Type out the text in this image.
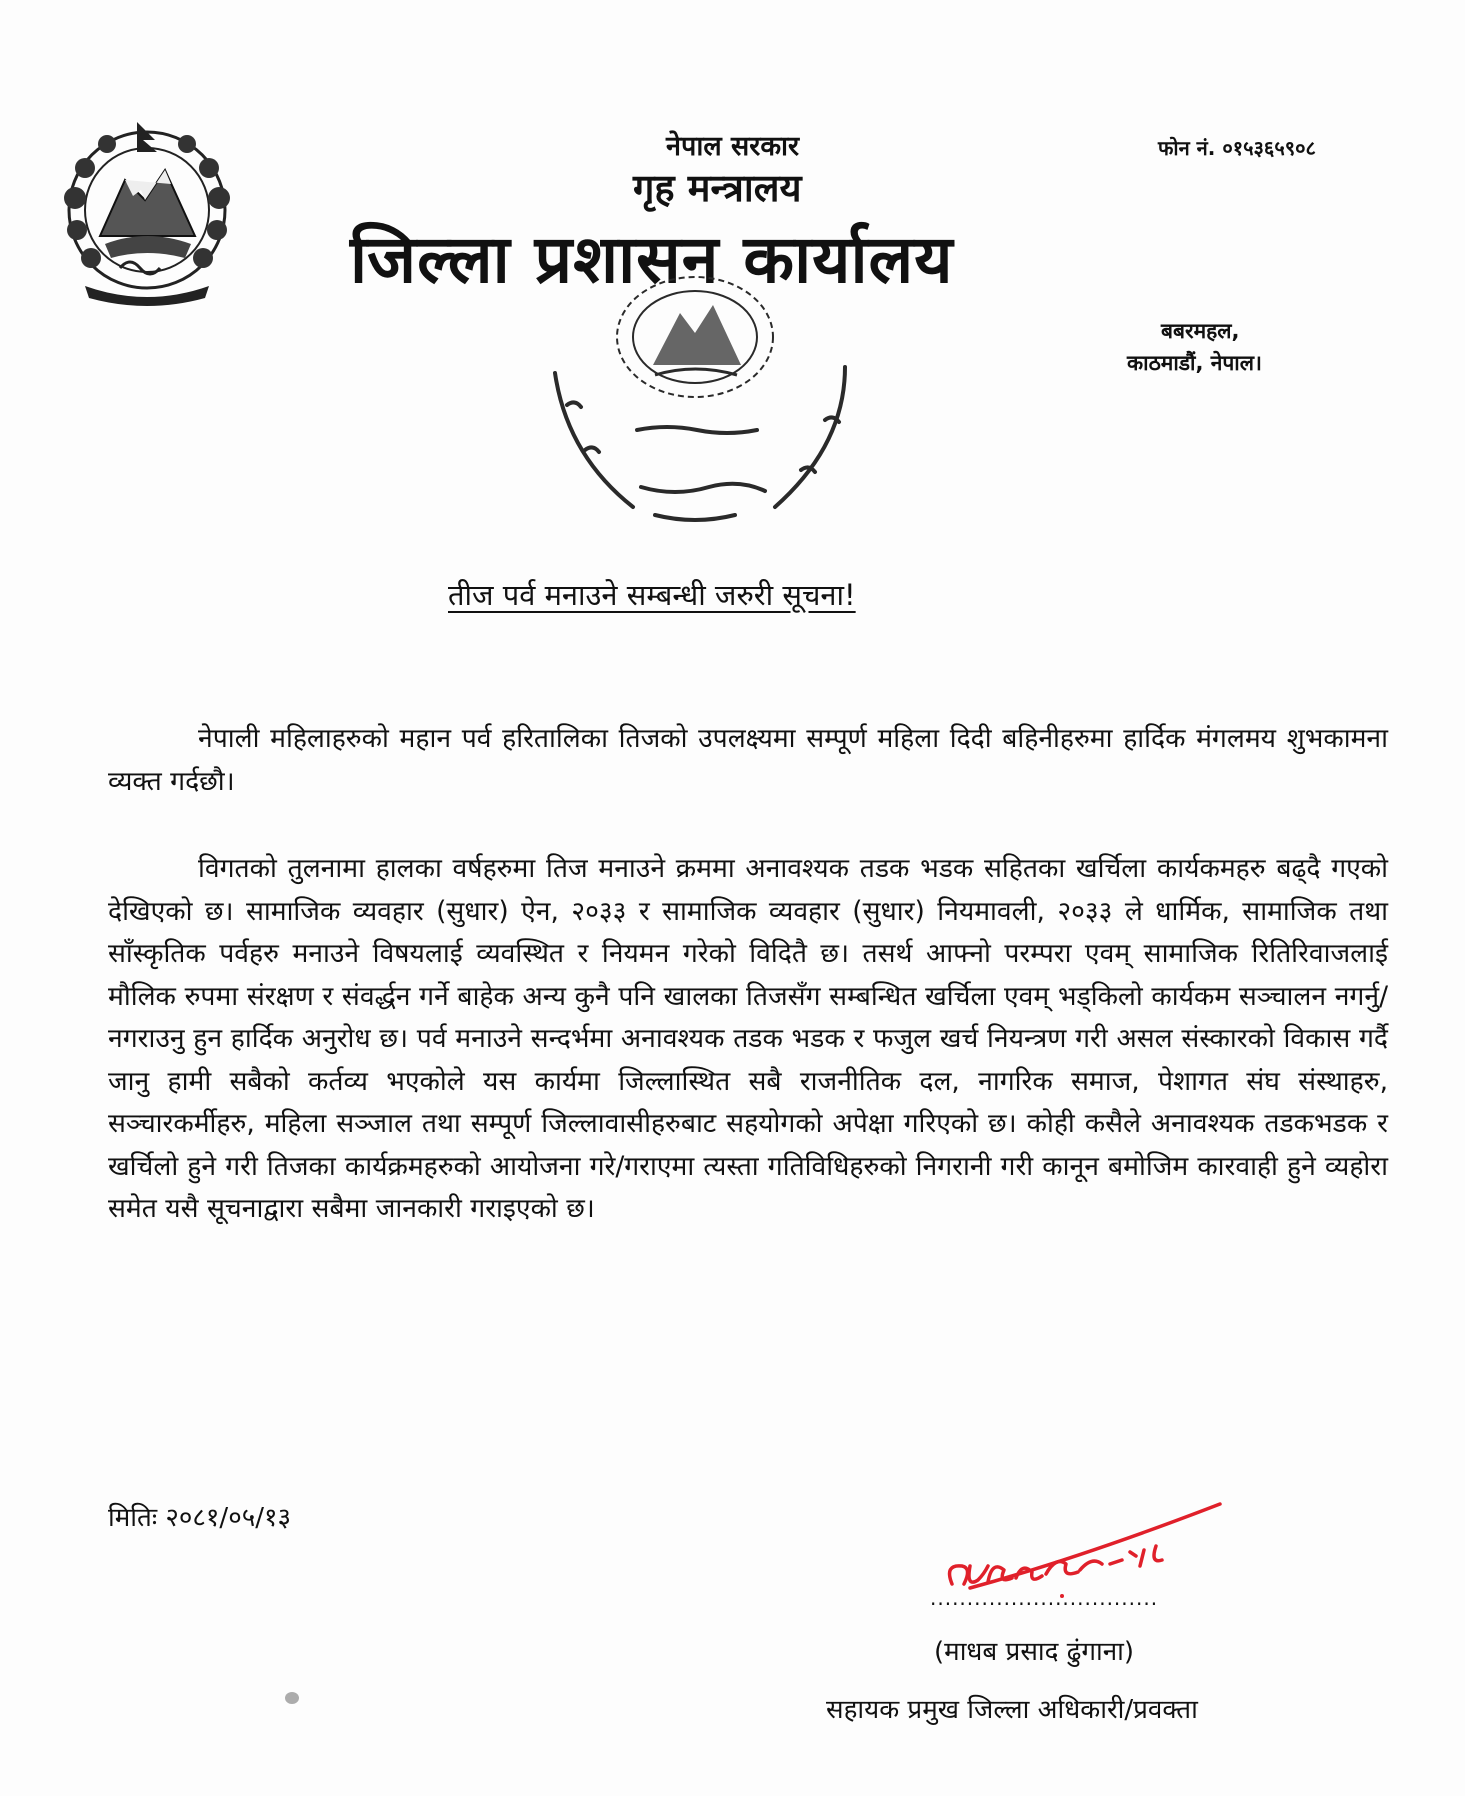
नेपाल सरकार
गृह मन्त्रालय
जिल्ला प्रशासन कार्यालय
फोन नं. ०१५३६५९०८
बबरमहल,
काठमाडौं, नेपाल।
तीज पर्व मनाउने सम्बन्धी जरुरी सूचना!
नेपाली महिलाहरुको महान पर्व हरितालिका तिजको उपलक्ष्यमा सम्पूर्ण महिला दिदी बहिनीहरुमा हार्दिक मंगलमय शुभकामना व्यक्त गर्दछौ।
विगतको तुलनामा हालका वर्षहरुमा तिज मनाउने क्रममा अनावश्यक तडक भडक सहितका खर्चिला कार्यकमहरु बढ्दै गएको देखिएको छ। सामाजिक व्यवहार (सुधार) ऐन, २०३३ र सामाजिक व्यवहार (सुधार) नियमावली, २०३३ ले धार्मिक, सामाजिक तथा साँस्कृतिक पर्वहरु मनाउने विषयलाई व्यवस्थित र नियमन गरेको विदितै छ। तसर्थ आफ्नो परम्परा एवम् सामाजिक रितिरिवाजलाई मौलिक रुपमा संरक्षण र संवर्द्धन गर्ने बाहेक अन्य कुनै पनि खालका तिजसँग सम्बन्धित खर्चिला एवम् भड्किलो कार्यकम सञ्चालन नगर्नु/नगराउनु हुन हार्दिक अनुरोध छ। पर्व मनाउने सन्दर्भमा अनावश्यक तडक भडक र फजुल खर्च नियन्त्रण गरी असल संस्कारको विकास गर्दै जानु हामी सबैको कर्तव्य भएकोले यस कार्यमा जिल्लास्थित सबै राजनीतिक दल, नागरिक समाज, पेशागत संघ संस्थाहरु, सञ्चारकर्मीहरु, महिला सञ्जाल तथा सम्पूर्ण जिल्लावासीहरुबाट सहयोगको अपेक्षा गरिएको छ। कोही कसैले अनावश्यक तडकभडक र खर्चिलो हुने गरी तिजका कार्यक्रमहरुको आयोजना गरे/गराएमा त्यस्ता गतिविधिहरुको निगरानी गरी कानून बमोजिम कारवाही हुने व्यहोरा समेत यसै सूचनाद्वारा सबैमा जानकारी गराइएको छ।
मितिः २०८१/०५/१३
...............................
(माधब प्रसाद ढुंगाना)
सहायक प्रमुख जिल्ला अधिकारी/प्रवक्ता
